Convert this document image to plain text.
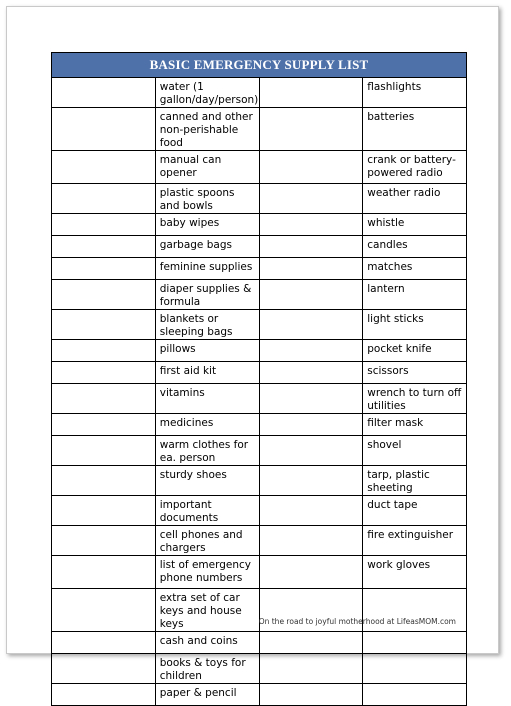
BASIC EMERGENCY SUPPLY LIST			
	water (1 gallon/day/person)		flashlights
	canned and other non-perishable food		batteries
	manual can opener		crank or battery-powered radio
	plastic spoons and bowls		weather radio
	baby wipes		whistle
	garbage bags		candles
	feminine supplies		matches
	diaper supplies & formula		lantern
	blankets or sleeping bags		light sticks
	pillows		pocket knife
	first aid kit		scissors
	vitamins		wrench to turn off utilities
	medicines		filter mask
	warm clothes for ea. person		shovel
	sturdy shoes		tarp, plastic sheeting
	important documents		duct tape
	cell phones and chargers		fire extinguisher
	list of emergency phone numbers		work gloves
	extra set of car keys and house keys		
	cash and coins		
	books & toys for children		
	paper & pencil		
On the road to joyful motherhood at LifeasMOM.com
